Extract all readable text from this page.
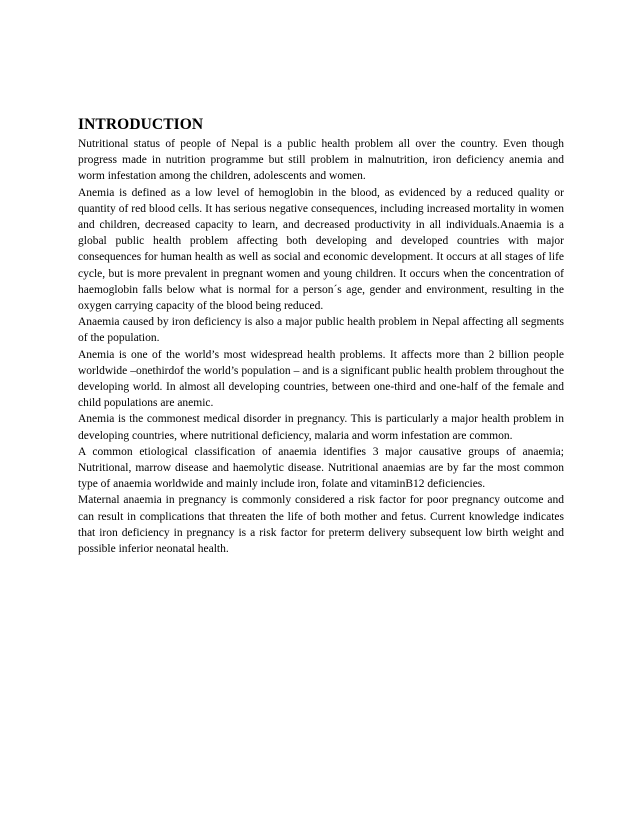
INTRODUCTION

Nutritional status of people of Nepal is a public health problem all over the country. Even though progress made in nutrition programme but still problem in malnutrition, iron deficiency anemia and worm infestation among the children, adolescents and women.

Anemia is defined as a low level of hemoglobin in the blood, as evidenced by a reduced quality or quantity of red blood cells. It has serious negative consequences, including increased mortality in women and children, decreased capacity to learn, and decreased productivity in all individuals.Anaemia is a global public health problem affecting both developing and developed countries with major consequences for human health as well as social and economic development. It occurs at all stages of life cycle, but is more prevalent in pregnant women and young children. It occurs when the concentration of haemoglobin falls below what is normal for a person´s age, gender and environment, resulting in the oxygen carrying capacity of the blood being reduced.

Anaemia caused by iron deficiency is also a major public health problem in Nepal affecting all segments of the population.

Anemia is one of the world’s most widespread health problems. It affects more than 2 billion people worldwide –onethirdof the world’s population – and is a significant public health problem throughout the developing world. In almost all developing countries, between one-third and one-half of the female and child populations are anemic.

Anemia is the commonest medical disorder in pregnancy. This is particularly a major health problem in developing countries, where nutritional deficiency, malaria and worm infestation are common.

A common etiological classification of anaemia identifies 3 major causative groups of anaemia; Nutritional, marrow disease and haemolytic disease. Nutritional anaemias are by far the most common type of anaemia worldwide and mainly include iron, folate and vitaminB12 deficiencies.

Maternal anaemia in pregnancy is commonly considered a risk factor for poor pregnancy outcome and can result in complications that threaten the life of both mother and fetus. Current knowledge indicates that iron deficiency in pregnancy is a risk factor for preterm delivery subsequent low birth weight and possible inferior neonatal health.
